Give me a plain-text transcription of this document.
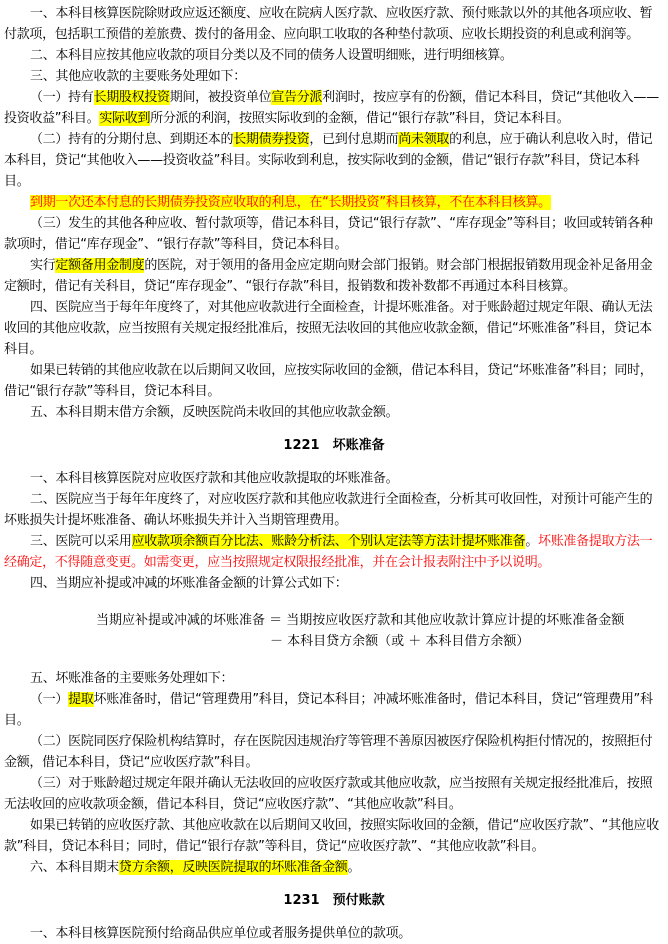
一、本科目核算医院除财政应返还额度、应收在院病人医疗款、应收医疗款、预付账款以外的其他各项应收、暂付款项，包括职工预借的差旅费、拨付的备用金、应向职工收取的各种垫付款项、应收长期投资的利息或利润等。

二、本科目应按其他应收款的项目分类以及不同的债务人设置明细账，进行明细核算。

三、其他应收款的主要账务处理如下：

（一）持有长期股权投资期间，被投资单位宣告分派利润时，按应享有的份额，借记本科目，贷记“其他收入——投资收益”科目。实际收到所分派的利润，按照实际收到的金额，借记“银行存款”科目，贷记本科目。

（二）持有的分期付息、到期还本的长期债券投资，已到付息期而尚未领取的利息，应于确认利息收入时，借记本科目，贷记“其他收入——投资收益”科目。实际收到利息，按实际收到的金额，借记“银行存款”科目，贷记本科目。

到期一次还本付息的长期债券投资应收取的利息，在“长期投资”科目核算，不在本科目核算。

（三）发生的其他各种应收、暂付款项等，借记本科目，贷记“银行存款”、“库存现金”等科目；收回或转销各种款项时，借记“库存现金”、“银行存款”等科目，贷记本科目。

实行定额备用金制度的医院，对于领用的备用金应定期向财会部门报销。财会部门根据报销数用现金补足备用金定额时，借记有关科目，贷记“库存现金”、“银行存款”科目，报销数和拨补数都不再通过本科目核算。

四、医院应当于每年年度终了，对其他应收款进行全面检查，计提坏账准备。对于账龄超过规定年限、确认无法收回的其他应收款，应当按照有关规定报经批准后，按照无法收回的其他应收款金额，借记“坏账准备”科目，贷记本科目。

如果已转销的其他应收款在以后期间又收回，应按实际收回的金额，借记本科目，贷记“坏账准备”科目；同时，借记“银行存款”等科目，贷记本科目。

五、本科目期末借方余额，反映医院尚未收回的其他应收款金额。

1221　坏账准备

一、本科目核算医院对应收医疗款和其他应收款提取的坏账准备。

二、医院应当于每年年度终了，对应收医疗款和其他应收款进行全面检查，分析其可收回性，对预计可能产生的坏账损失计提坏账准备、确认坏账损失并计入当期管理费用。

三、医院可以采用应收款项余额百分比法、账龄分析法、个别认定法等方法计提坏账准备。坏账准备提取方法一经确定，不得随意变更。如需变更，应当按照规定权限报经批准，并在会计报表附注中予以说明。

四、当期应补提或冲减的坏账准备金额的计算公式如下：

当期应补提或冲减的坏账准备 ＝ 当期按应收医疗款和其他应收款计算应计提的坏账准备金额
－ 本科目贷方余额（或 ＋ 本科目借方余额）

五、坏账准备的主要账务处理如下：

（一）提取坏账准备时，借记“管理费用”科目，贷记本科目；冲减坏账准备时，借记本科目，贷记“管理费用”科目。

（二）医院同医疗保险机构结算时，存在医院因违规治疗等管理不善原因被医疗保险机构拒付情况的，按照拒付金额，借记本科目，贷记“应收医疗款”科目。

（三）对于账龄超过规定年限并确认无法收回的应收医疗款或其他应收款，应当按照有关规定报经批准后，按照无法收回的应收款项金额，借记本科目，贷记“应收医疗款”、“其他应收款”科目。

如果已转销的应收医疗款、其他应收款在以后期间又收回，按照实际收回的金额，借记“应收医疗款”、“其他应收款”科目，贷记本科目；同时，借记“银行存款”等科目，贷记“应收医疗款”、“其他应收款”科目。

六、本科目期末贷方余额，反映医院提取的坏账准备金额。

1231　预付账款

一、本科目核算医院预付给商品供应单位或者服务提供单位的款项。
